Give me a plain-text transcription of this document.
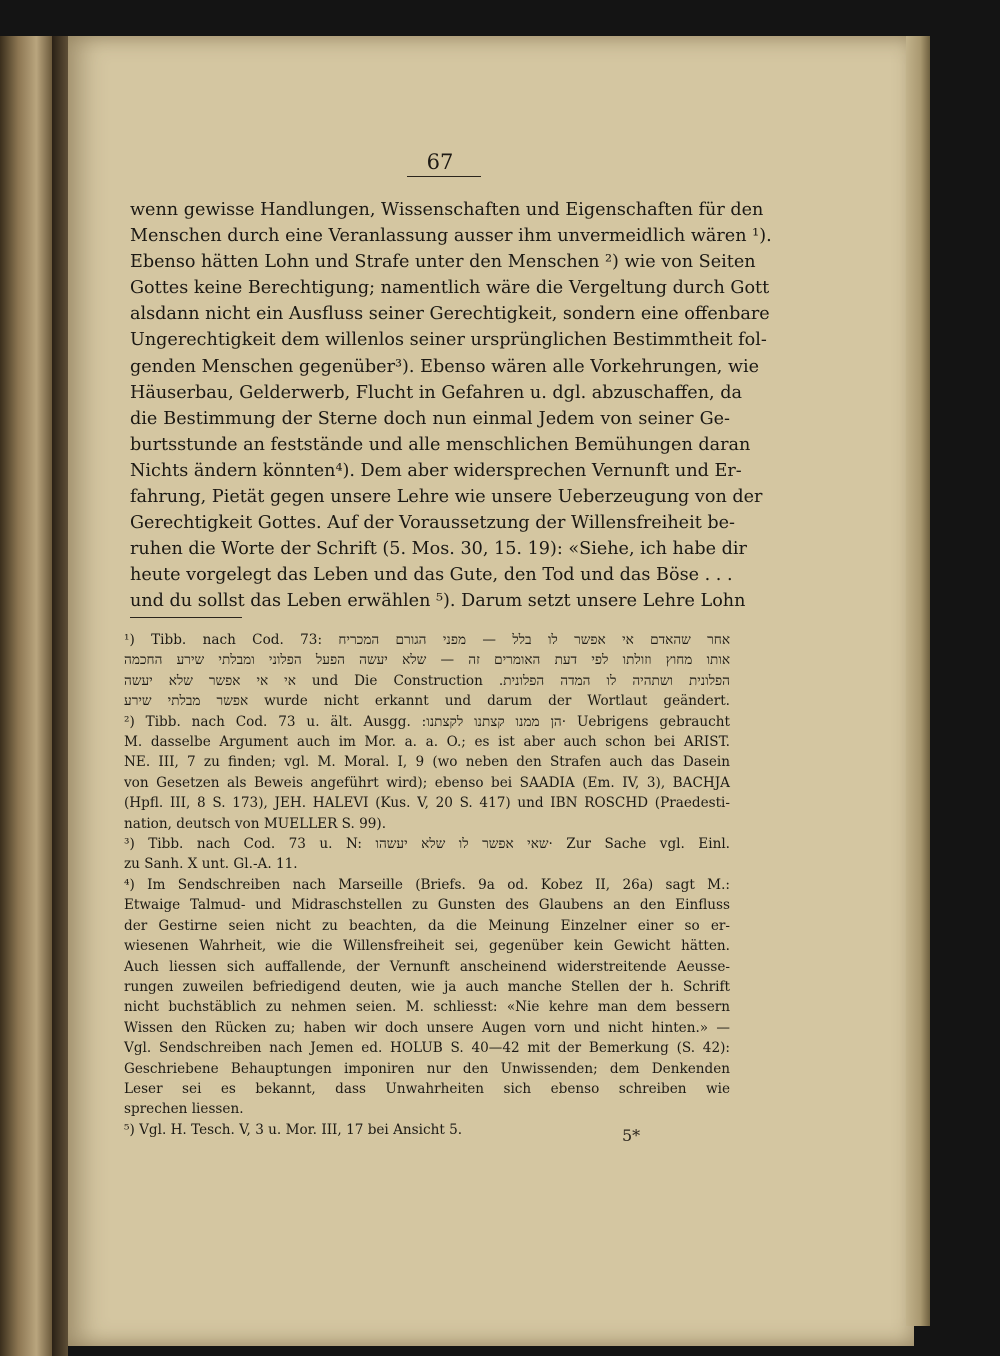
67
wenn gewisse Handlungen, Wissenschaften und Eigenschaften für den
Menschen durch eine Veranlassung ausser ihm unvermeidlich wären ¹).
Ebenso hätten Lohn und Strafe unter den Menschen ²) wie von Seiten
Gottes keine Berechtigung; namentlich wäre die Vergeltung durch Gott
alsdann nicht ein Ausfluss seiner Gerechtigkeit, sondern eine offenbare
Ungerechtigkeit dem willenlos seiner ursprünglichen Bestimmtheit fol-
genden Menschen gegenüber³). Ebenso wären alle Vorkehrungen, wie
Häuserbau, Gelderwerb, Flucht in Gefahren u. dgl. abzuschaffen, da
die Bestimmung der Sterne doch nun einmal Jedem von seiner Ge-
burtsstunde an feststände und alle menschlichen Bemühungen daran
Nichts ändern könnten⁴). Dem aber widersprechen Vernunft und Er-
fahrung, Pietät gegen unsere Lehre wie unsere Ueberzeugung von der
Gerechtigkeit Gottes. Auf der Voraussetzung der Willensfreiheit be-
ruhen die Worte der Schrift (5. Mos. 30, 15. 19): «Siehe, ich habe dir
heute vorgelegt das Leben und das Gute, den Tod und das Böse . . .
und du sollst das Leben erwählen ⁵). Darum setzt unsere Lehre Lohn
¹) Tibb. nach Cod. 73: אחר שהאדם אי אפשר לו בלל — מפני הגורם המכריח
אותו מחוץ וזולתו לפי דעת האומרים זה — שלא יעשה הפעל הפלוני ומבלתי שירע החכמה
אי אי אפשר שלא יעשה und Die Construction .הפלונית ושתהיה לו המדה הפלונית
אפשר מבלתי שירע wurde nicht erkannt und darum der Wortlaut geändert.
²) Tibb. nach Cod. 73 u. ält. Ausgg. :הן ממנו קצתנו לקצתנו· Uebrigens gebraucht
M. dasselbe Argument auch im Mor. a. a. O.; es ist aber auch schon bei ARIST.
NE. III, 7 zu finden; vgl. M. Moral. I, 9 (wo neben den Strafen auch das Dasein
von Gesetzen als Beweis angeführt wird); ebenso bei SAADIA (Em. IV, 3), BACHJA
(Hpfl. III, 8 S. 173), JEH. HALEVI (Kus. V, 20 S. 417) und IBN ROSCHD (Praedesti-
nation, deutsch von MUELLER S. 99).
³) Tibb. nach Cod. 73 u. N: שאי אפשר לו שלא יעשהו· Zur Sache vgl. Einl.
zu Sanh. X unt. Gl.-A. 11.
⁴) Im Sendschreiben nach Marseille (Briefs. 9a od. Kobez II, 26a) sagt M.:
Etwaige Talmud- und Midraschstellen zu Gunsten des Glaubens an den Einfluss
der Gestirne seien nicht zu beachten, da die Meinung Einzelner einer so er-
wiesenen Wahrheit, wie die Willensfreiheit sei, gegenüber kein Gewicht hätten.
Auch liessen sich auffallende, der Vernunft anscheinend widerstreitende Aeusse-
rungen zuweilen befriedigend deuten, wie ja auch manche Stellen der h. Schrift
nicht buchstäblich zu nehmen seien. M. schliesst: «Nie kehre man dem bessern
Wissen den Rücken zu; haben wir doch unsere Augen vorn und nicht hinten.» —
Vgl. Sendschreiben nach Jemen ed. HOLUB S. 40—42 mit der Bemerkung (S. 42):
Geschriebene Behauptungen imponiren nur den Unwissenden; dem Denkenden
Leser sei es bekannt, dass Unwahrheiten sich ebenso schreiben wie
sprechen liessen.
⁵) Vgl. H. Tesch. V, 3 u. Mor. III, 17 bei Ansicht 5.	5*
